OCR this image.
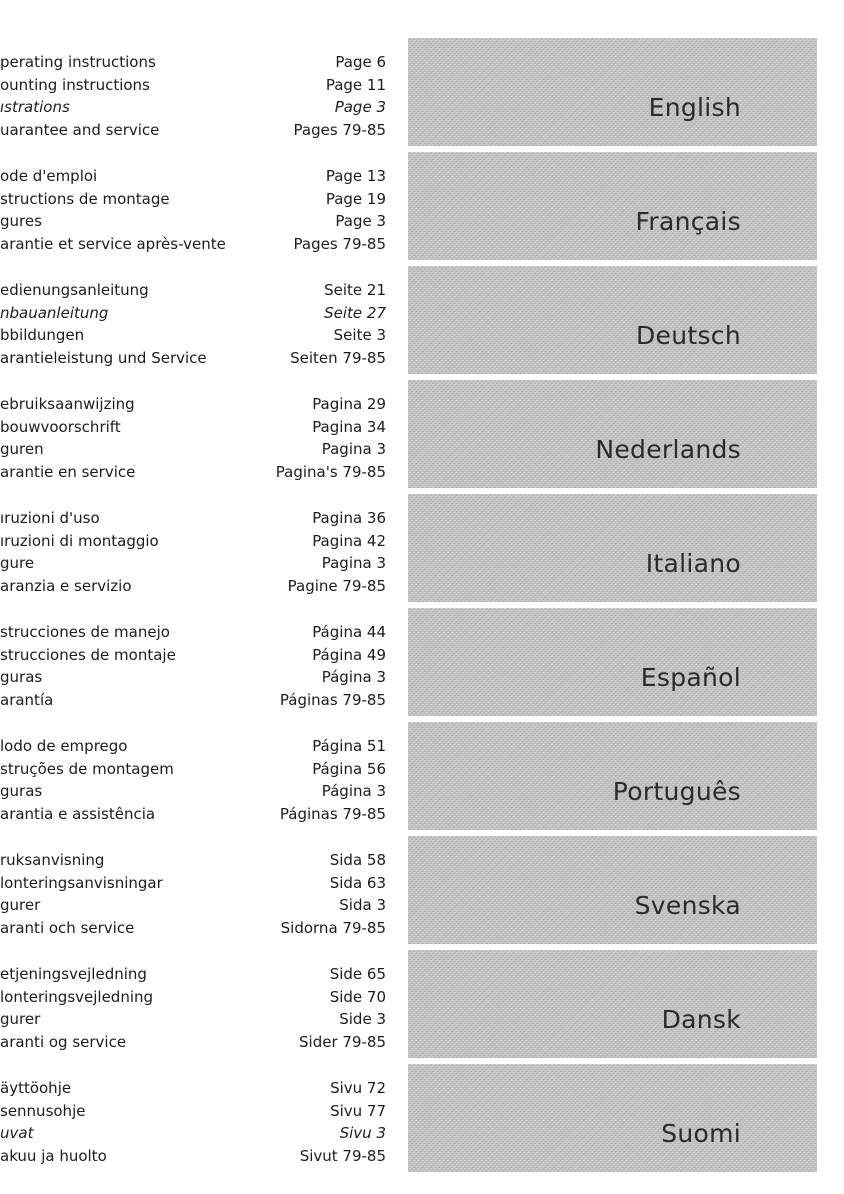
perating instructions	Page 6
ounting instructions	Page 11
ıstrations	Page 3
uarantee and service	Pages 79-85
English
ode d'emploi	Page 13
structions de montage	Page 19
gures	Page 3
arantie et service après-vente	Pages 79-85
Français
edienungsanleitung	Seite 21
nbauanleitung	Seite 27
bbildungen	Seite 3
arantieleistung und Service	Seiten 79-85
Deutsch
ebruiksaanwijzing	Pagina 29
bouwvoorschrift	Pagina 34
guren	Pagina 3
arantie en service	Pagina's 79-85
Nederlands
ıruzioni d'uso	Pagina 36
ıruzioni di montaggio	Pagina 42
gure	Pagina 3
aranzia e servizio	Pagine 79-85
Italiano
strucciones de manejo	Página 44
strucciones de montaje	Página 49
guras	Página 3
arantía	Páginas 79-85
Español
lodo de emprego	Página 51
struções de montagem	Página 56
guras	Página 3
arantia e assistência	Páginas 79-85
Português
ruksanvisning	Sida 58
lonteringsanvisningar	Sida 63
gurer	Sida 3
aranti och service	Sidorna 79-85
Svenska
etjeningsvejledning	Side 65
lonteringsvejledning	Side 70
gurer	Side 3
aranti og service	Sider 79-85
Dansk
äyttöohje	Sivu 72
sennusohje	Sivu 77
uvat	Sivu 3
akuu ja huolto	Sivut 79-85
Suomi
